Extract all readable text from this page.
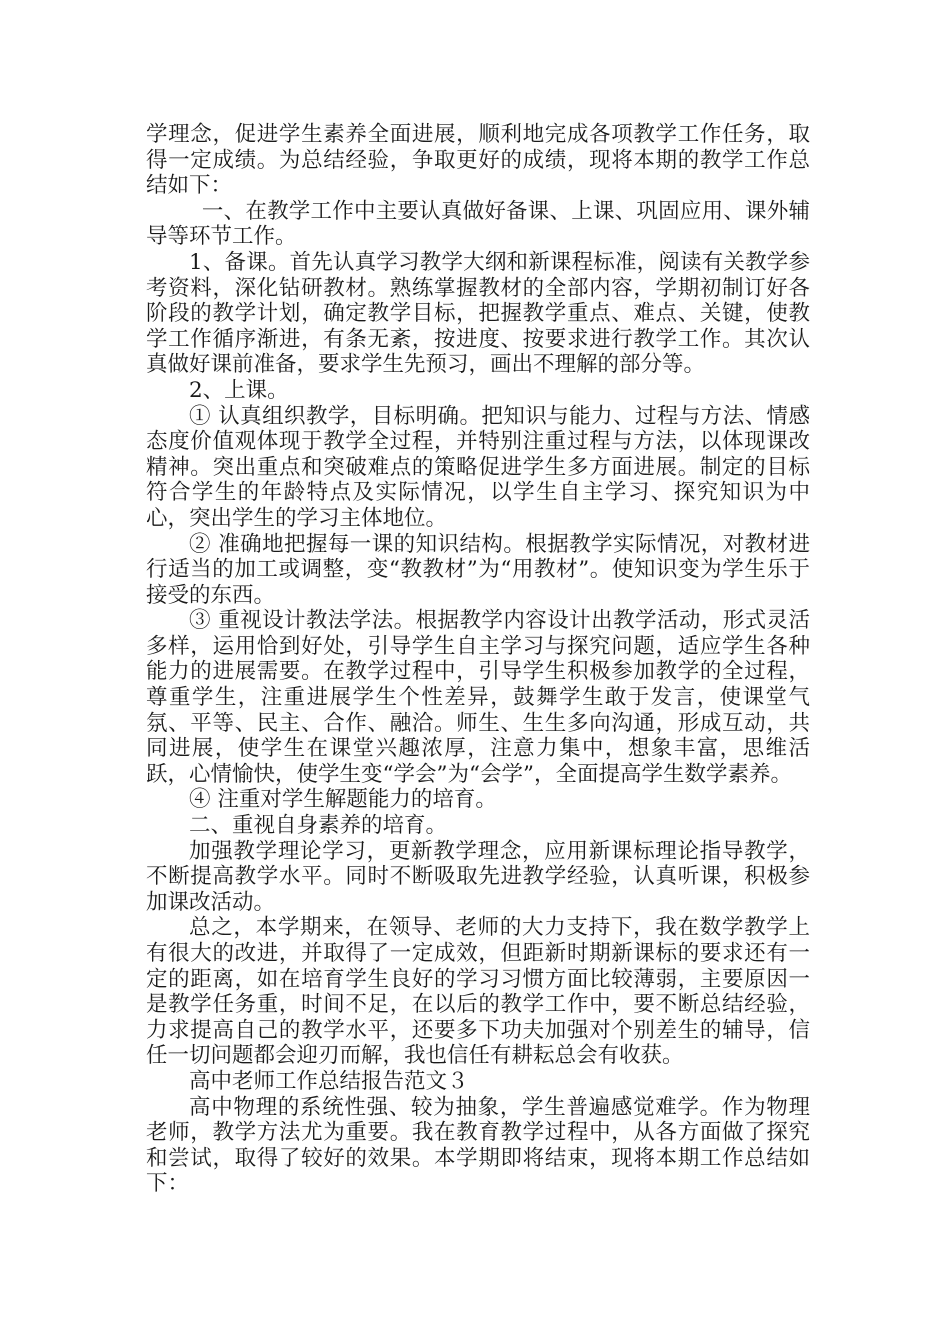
学理念，促进学生素养全面进展，顺利地完成各项教学工作任务，取得一定成绩。为总结经验，争取更好的成绩，现将本期的教学工作总结如下：

一、在教学工作中主要认真做好备课、上课、巩固应用、课外辅导等环节工作。

1、备课。首先认真学习教学大纲和新课程标准，阅读有关教学参考资料，深化钻研教材。熟练掌握教材的全部内容，学期初制订好各阶段的教学计划，确定教学目标，把握教学重点、难点、关键，使教学工作循序渐进，有条无紊，按进度、按要求进行教学工作。其次认真做好课前准备，要求学生先预习，画出不理解的部分等。

2、上课。

① 认真组织教学，目标明确。把知识与能力、过程与方法、情感态度价值观体现于教学全过程，并特别注重过程与方法，以体现课改精神。突出重点和突破难点的策略促进学生多方面进展。制定的目标符合学生的年龄特点及实际情况，以学生自主学习、探究知识为中心，突出学生的学习主体地位。

② 准确地把握每一课的知识结构。根据教学实际情况，对教材进行适当的加工或调整，变“教教材”为“用教材”。使知识变为学生乐于接受的东西。

③ 重视设计教法学法。根据教学内容设计出教学活动，形式灵活多样，运用恰到好处，引导学生自主学习与探究问题，适应学生各种能力的进展需要。在教学过程中，引导学生积极参加教学的全过程，尊重学生，注重进展学生个性差异，鼓舞学生敢于发言，使课堂气氛、平等、民主、合作、融洽。师生、生生多向沟通，形成互动，共同进展，使学生在课堂兴趣浓厚，注意力集中，想象丰富，思维活跃，心情愉快，使学生变“学会”为“会学”，全面提高学生数学素养。

④ 注重对学生解题能力的培育。

二、重视自身素养的培育。

加强教学理论学习，更新教学理念，应用新课标理论指导教学，不断提高教学水平。同时不断吸取先进教学经验，认真听课，积极参加课改活动。

总之，本学期来，在领导、老师的大力支持下，我在数学教学上有很大的改进，并取得了一定成效，但距新时期新课标的要求还有一定的距离，如在培育学生良好的学习习惯方面比较薄弱，主要原因一是教学任务重，时间不足，在以后的教学工作中，要不断总结经验，力求提高自己的教学水平，还要多下功夫加强对个别差生的辅导，信任一切问题都会迎刃而解，我也信任有耕耘总会有收获。

高中老师工作总结报告范文３

高中物理的系统性强、较为抽象，学生普遍感觉难学。作为物理老师，教学方法尤为重要。我在教育教学过程中，从各方面做了探究和尝试，取得了较好的效果。本学期即将结束，现将本期工作总结如下：
